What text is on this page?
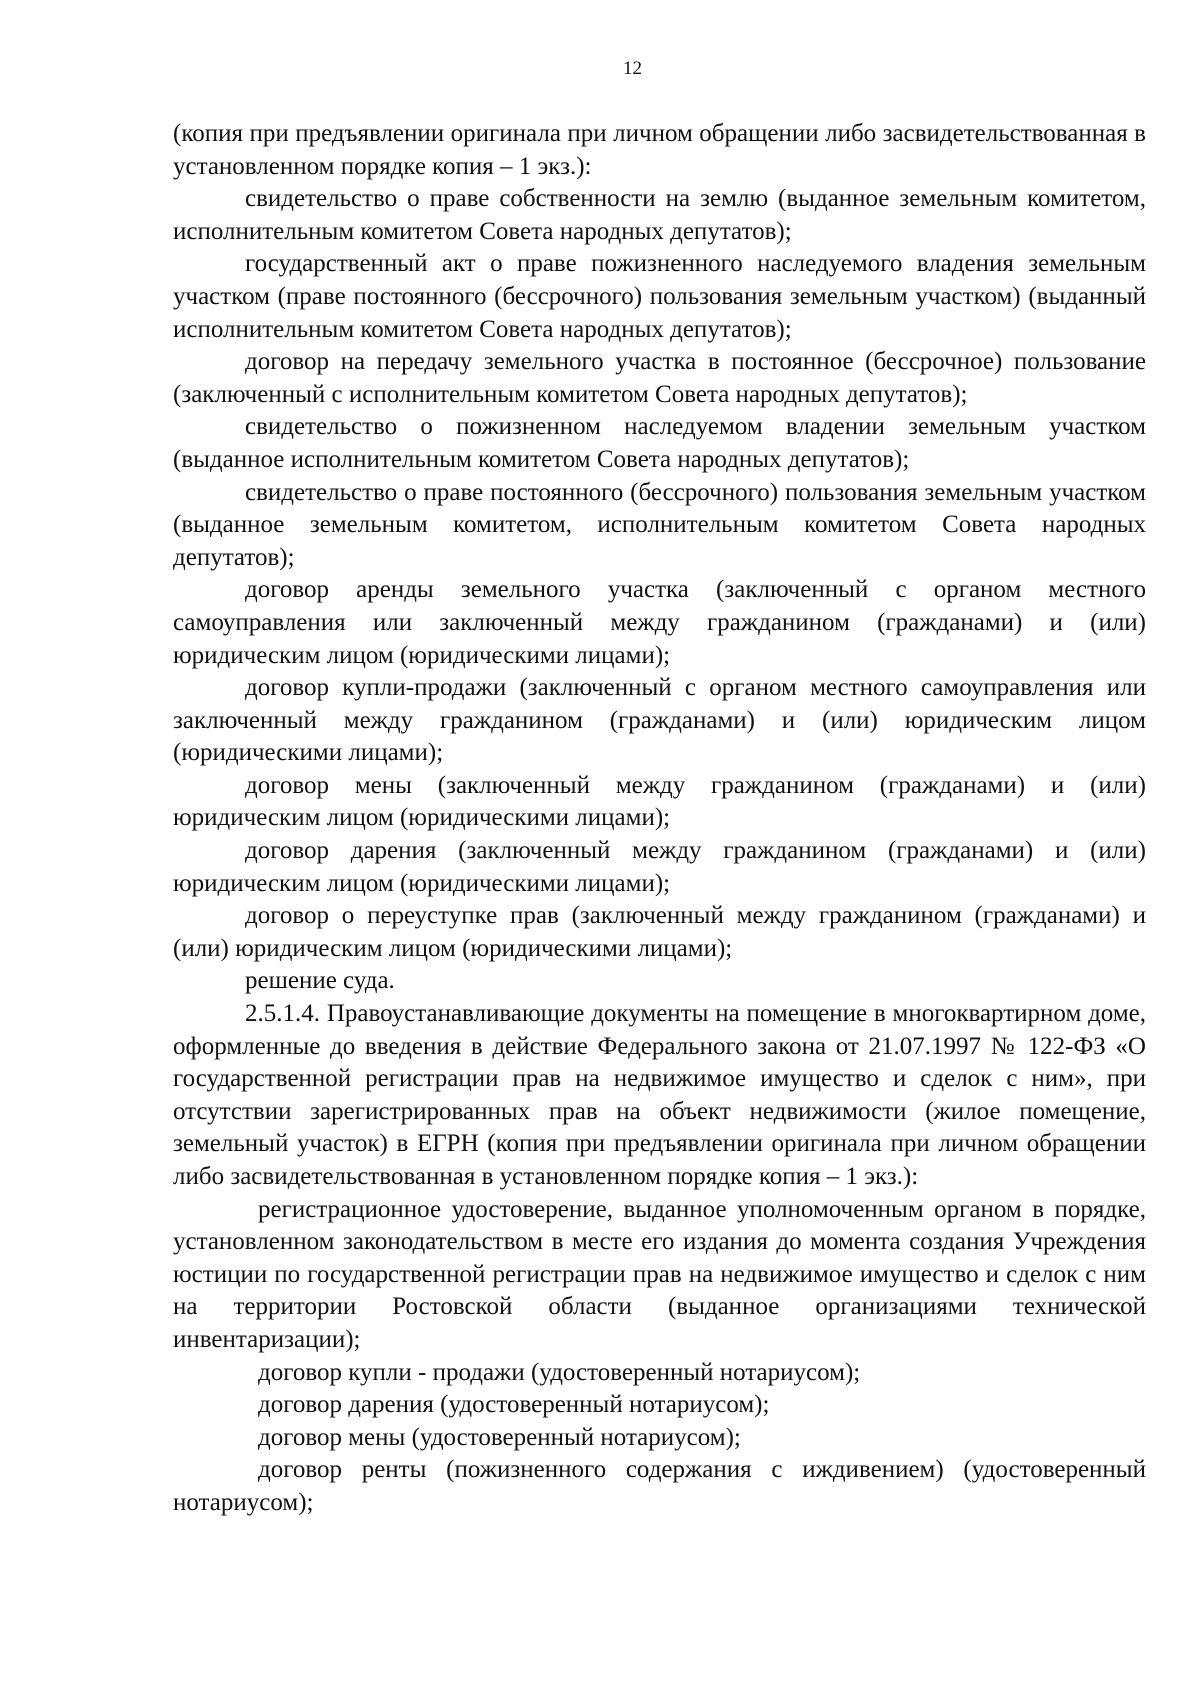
12

(копия при предъявлении оригинала при личном обращении либо засвидетельствованная в установленном порядке копия – 1 экз.):

свидетельство о праве собственности на землю (выданное земельным комитетом, исполнительным комитетом Совета народных депутатов);

государственный акт о праве пожизненного наследуемого владения земельным участком (праве постоянного (бессрочного) пользования земельным участком) (выданный исполнительным комитетом Совета народных депутатов);

договор на передачу земельного участка в постоянное (бессрочное) пользование (заключенный с исполнительным комитетом Совета народных депутатов);

свидетельство о пожизненном наследуемом владении земельным участком (выданное исполнительным комитетом Совета народных депутатов);

свидетельство о праве постоянного (бессрочного) пользования земельным участком (выданное земельным комитетом, исполнительным комитетом Совета народных депутатов);

договор аренды земельного участка (заключенный с органом местного самоуправления или заключенный между гражданином (гражданами) и (или) юридическим лицом (юридическими лицами);

договор купли-продажи (заключенный с органом местного самоуправления или заключенный между гражданином (гражданами) и (или) юридическим лицом (юридическими лицами);

договор мены (заключенный между гражданином (гражданами) и (или) юридическим лицом (юридическими лицами);

договор дарения (заключенный между гражданином (гражданами) и (или) юридическим лицом (юридическими лицами);

договор о переуступке прав (заключенный между гражданином (гражданами) и (или) юридическим лицом (юридическими лицами);

решение суда.

2.5.1.4. Правоустанавливающие документы на помещение в многоквартирном доме, оформленные до введения в действие Федерального закона от 21.07.1997 № 122-ФЗ «О государственной регистрации прав на недвижимое имущество и сделок с ним», при отсутствии зарегистрированных прав на объект недвижимости (жилое помещение, земельный участок) в ЕГРН (копия при предъявлении оригинала при личном обращении либо засвидетельствованная в установленном порядке копия – 1 экз.):

регистрационное удостоверение, выданное уполномоченным органом в порядке, установленном законодательством в месте его издания до момента создания Учреждения юстиции по государственной регистрации прав на недвижимое имущество и сделок с ним на территории Ростовской области (выданное организациями технической инвентаризации);

договор купли - продажи (удостоверенный нотариусом);

договор дарения (удостоверенный нотариусом);

договор мены (удостоверенный нотариусом);

договор ренты (пожизненного содержания с иждивением) (удостоверенный нотариусом);
